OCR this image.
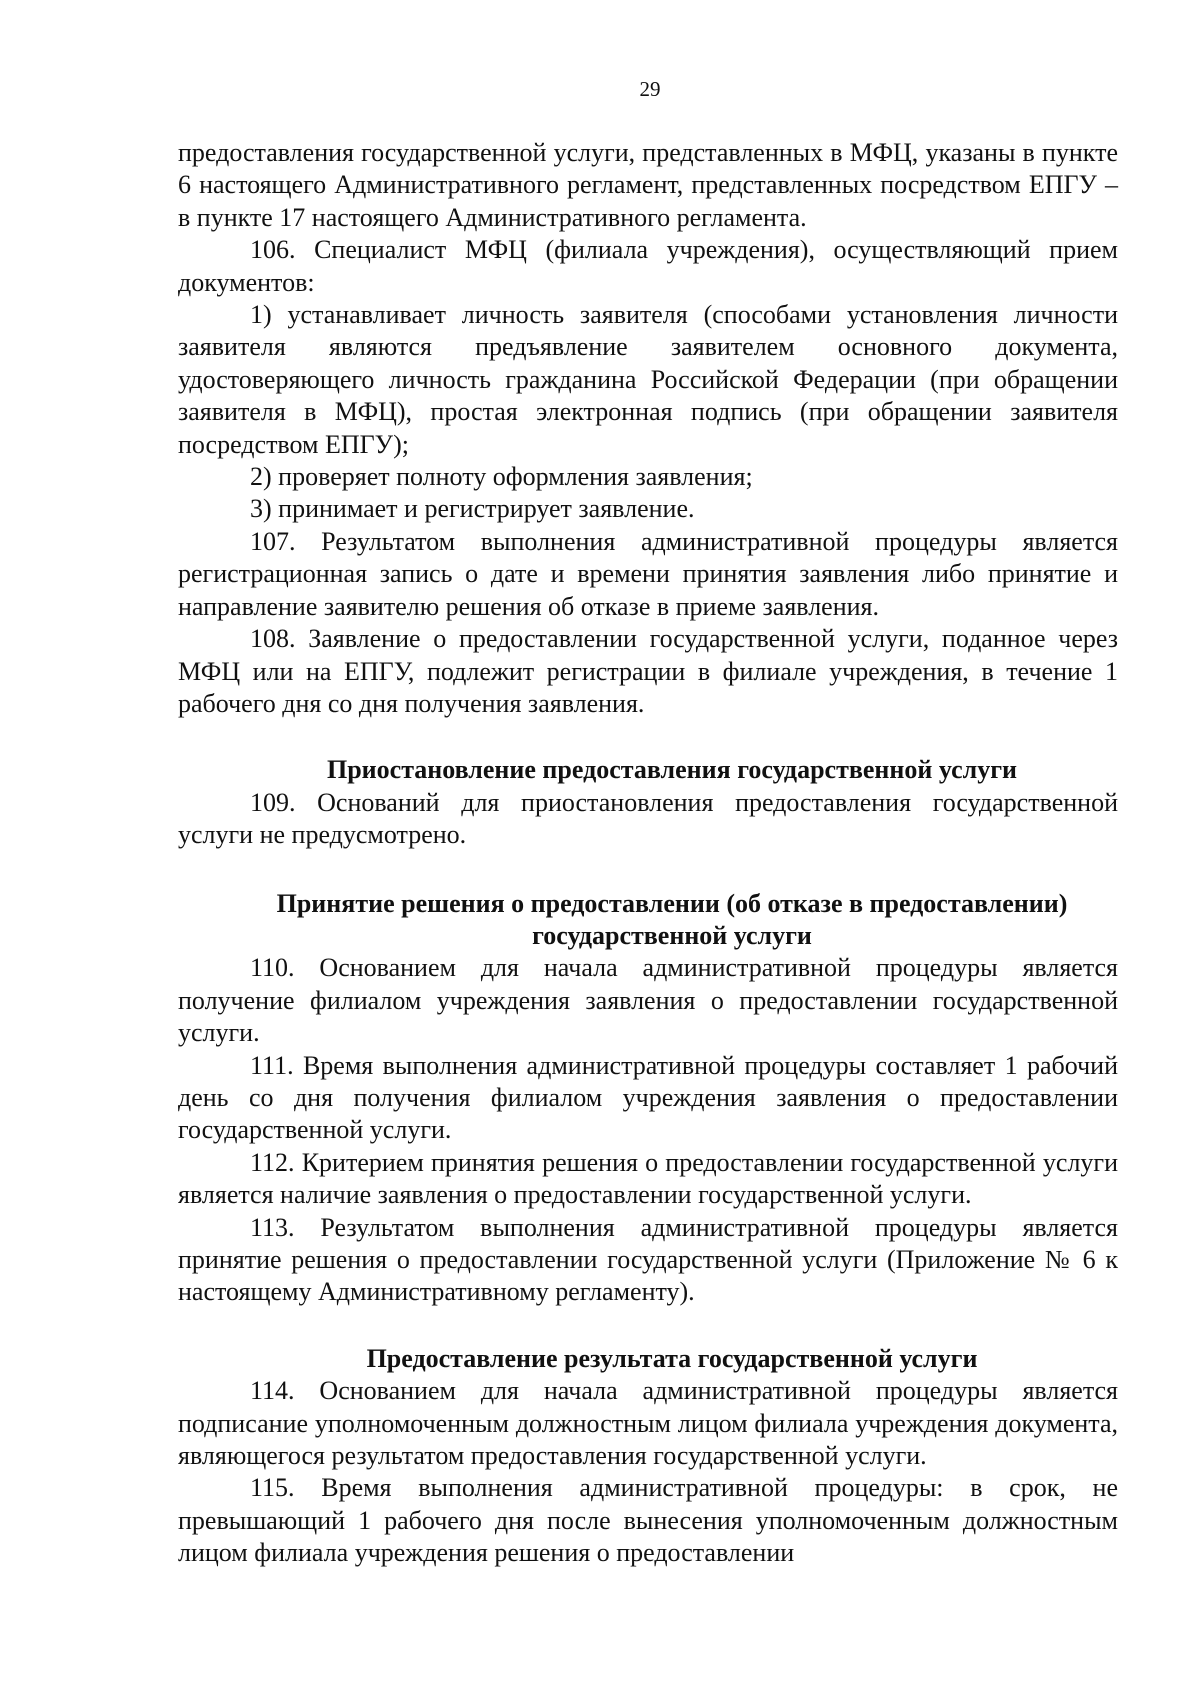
29

предоставления государственной услуги, представленных в МФЦ, указаны в пункте 6 настоящего Административного регламент, представленных посредством ЕПГУ – в пункте 17 настоящего Административного регламента.

106. Специалист МФЦ (филиала учреждения), осуществляющий прием документов:

1) устанавливает личность заявителя (способами установления личности заявителя являются предъявление заявителем основного документа, удостоверяющего личность гражданина Российской Федерации (при обращении заявителя в МФЦ), простая электронная подпись (при обращении заявителя посредством ЕПГУ);

2) проверяет полноту оформления заявления;

3) принимает и регистрирует заявление.

107. Результатом выполнения административной процедуры является регистрационная запись о дате и времени принятия заявления либо принятие и направление заявителю решения об отказе в приеме заявления.

108. Заявление о предоставлении государственной услуги, поданное через МФЦ или на ЕПГУ, подлежит регистрации в филиале учреждения, в течение 1 рабочего дня со дня получения заявления.

Приостановление предоставления государственной услуги

109. Оснований для приостановления предоставления государственной услуги не предусмотрено.

Принятие решения о предоставлении (об отказе в предоставлении) государственной услуги

110. Основанием для начала административной процедуры является получение филиалом учреждения заявления о предоставлении государственной услуги.

111. Время выполнения административной процедуры составляет 1 рабочий день со дня получения филиалом учреждения заявления о предоставлении государственной услуги.

112. Критерием принятия решения о предоставлении государственной услуги является наличие заявления о предоставлении государственной услуги.

113. Результатом выполнения административной процедуры является принятие решения о предоставлении государственной услуги (Приложение № 6 к настоящему Административному регламенту).

Предоставление результата государственной услуги

114. Основанием для начала административной процедуры является подписание уполномоченным должностным лицом филиала учреждения документа, являющегося результатом предоставления государственной услуги.

115. Время выполнения административной процедуры: в срок, не превышающий 1 рабочего дня после вынесения уполномоченным должностным лицом филиала учреждения решения о предоставлении
